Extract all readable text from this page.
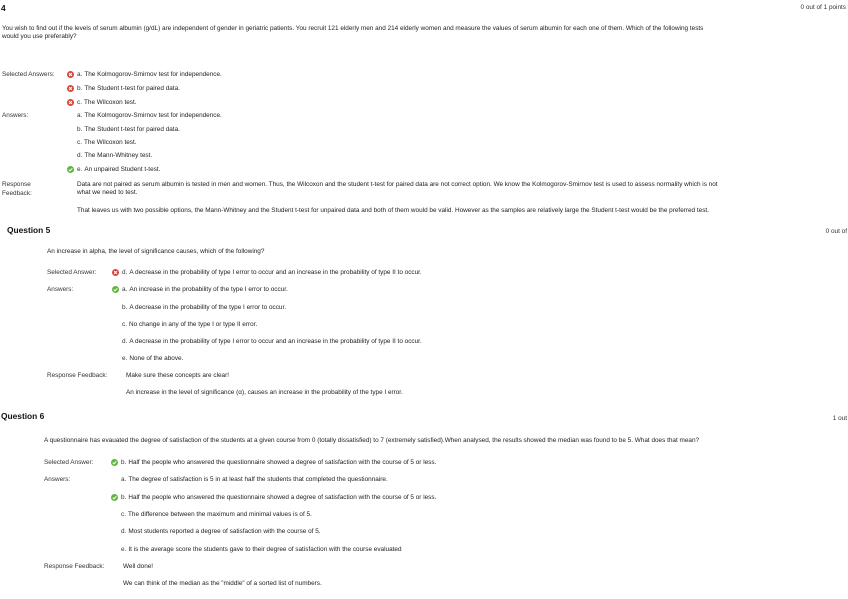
4	0 out of 1 points
You wish to find out if the levels of serum albumin (g/dL) are independent of gender in geriatric patients. You recruit 121 elderly men and 214 elderly women and measure the values of serum albumin for each one of them. Which of the following tests
would you use preferably?
Selected Answers:	a. The Kolmogorov-Smirnov test for independence.
b. The Student t-test for paired data.
c. The Wilcoxon test.
Answers:	a. The Kolmogorov-Smirnov test for independence.
b. The Student t-test for paired data.
c. The Wilcoxon test.
d. The Mann-Whitney test.
e. An unpaired Student t-test.
Response
Feedback:
Data are not paired as serum albumin is tested in men and women. Thus, the Wilcoxon and the student t-test for paired data are not correct option. We know the Kolmogorov-Smirnov test is used to assess normality which is not
what we need to test.
That leaves us with two possible options, the Mann-Whitney and the Student t-test for unpaired data and both of them would be valid. However as the samples are relatively large the Student t-test would be the preferred test.
Question 5	0 out of
An increase in alpha, the level of significance causes, which of the following?
Selected Answer:	d. A decrease in the probability of type I error to occur and an increase in the probability of type II to occur.
Answers:	a. An increase in the probability of the type I error to occur.
b. A decrease in the probability of the type I error to occur.
c. No change in any of the type I or type II error.
d. A decrease in the probability of type I error to occur and an increase in the probability of type II to occur.
e. None of the above.
Response Feedback:	Make sure these concepts are clear!
An increase in the level of significance (α), causes an increase in the probability of the type I error.
Question 6	1 out
A questionnaire has evauated the degree of satisfaction of the students at a given course from 0 (totally dissatisfied) to 7 (extremely satisfied).When analysed, the results showed the median was found to be 5. What does that mean?
Selected Answer:	b. Half the people who answered the questionnaire showed a degree of satisfaction with the course of 5 or less.
Answers:	a. The degree of satisfaction is 5 in at least half the students that completed the questionnaire.
b. Half the people who answered the questionnaire showed a degree of satisfaction with the course of 5 or less.
c. The difference between the maximum and minimal values is of 5.
d. Most students reported a degree of satisfaction with the course of 5.
e. It is the average score the students gave to their degree of satisfaction with the course evaluated
Response Feedback:	Well done!
We can think of the median as the "middle" of a sorted list of numbers.
